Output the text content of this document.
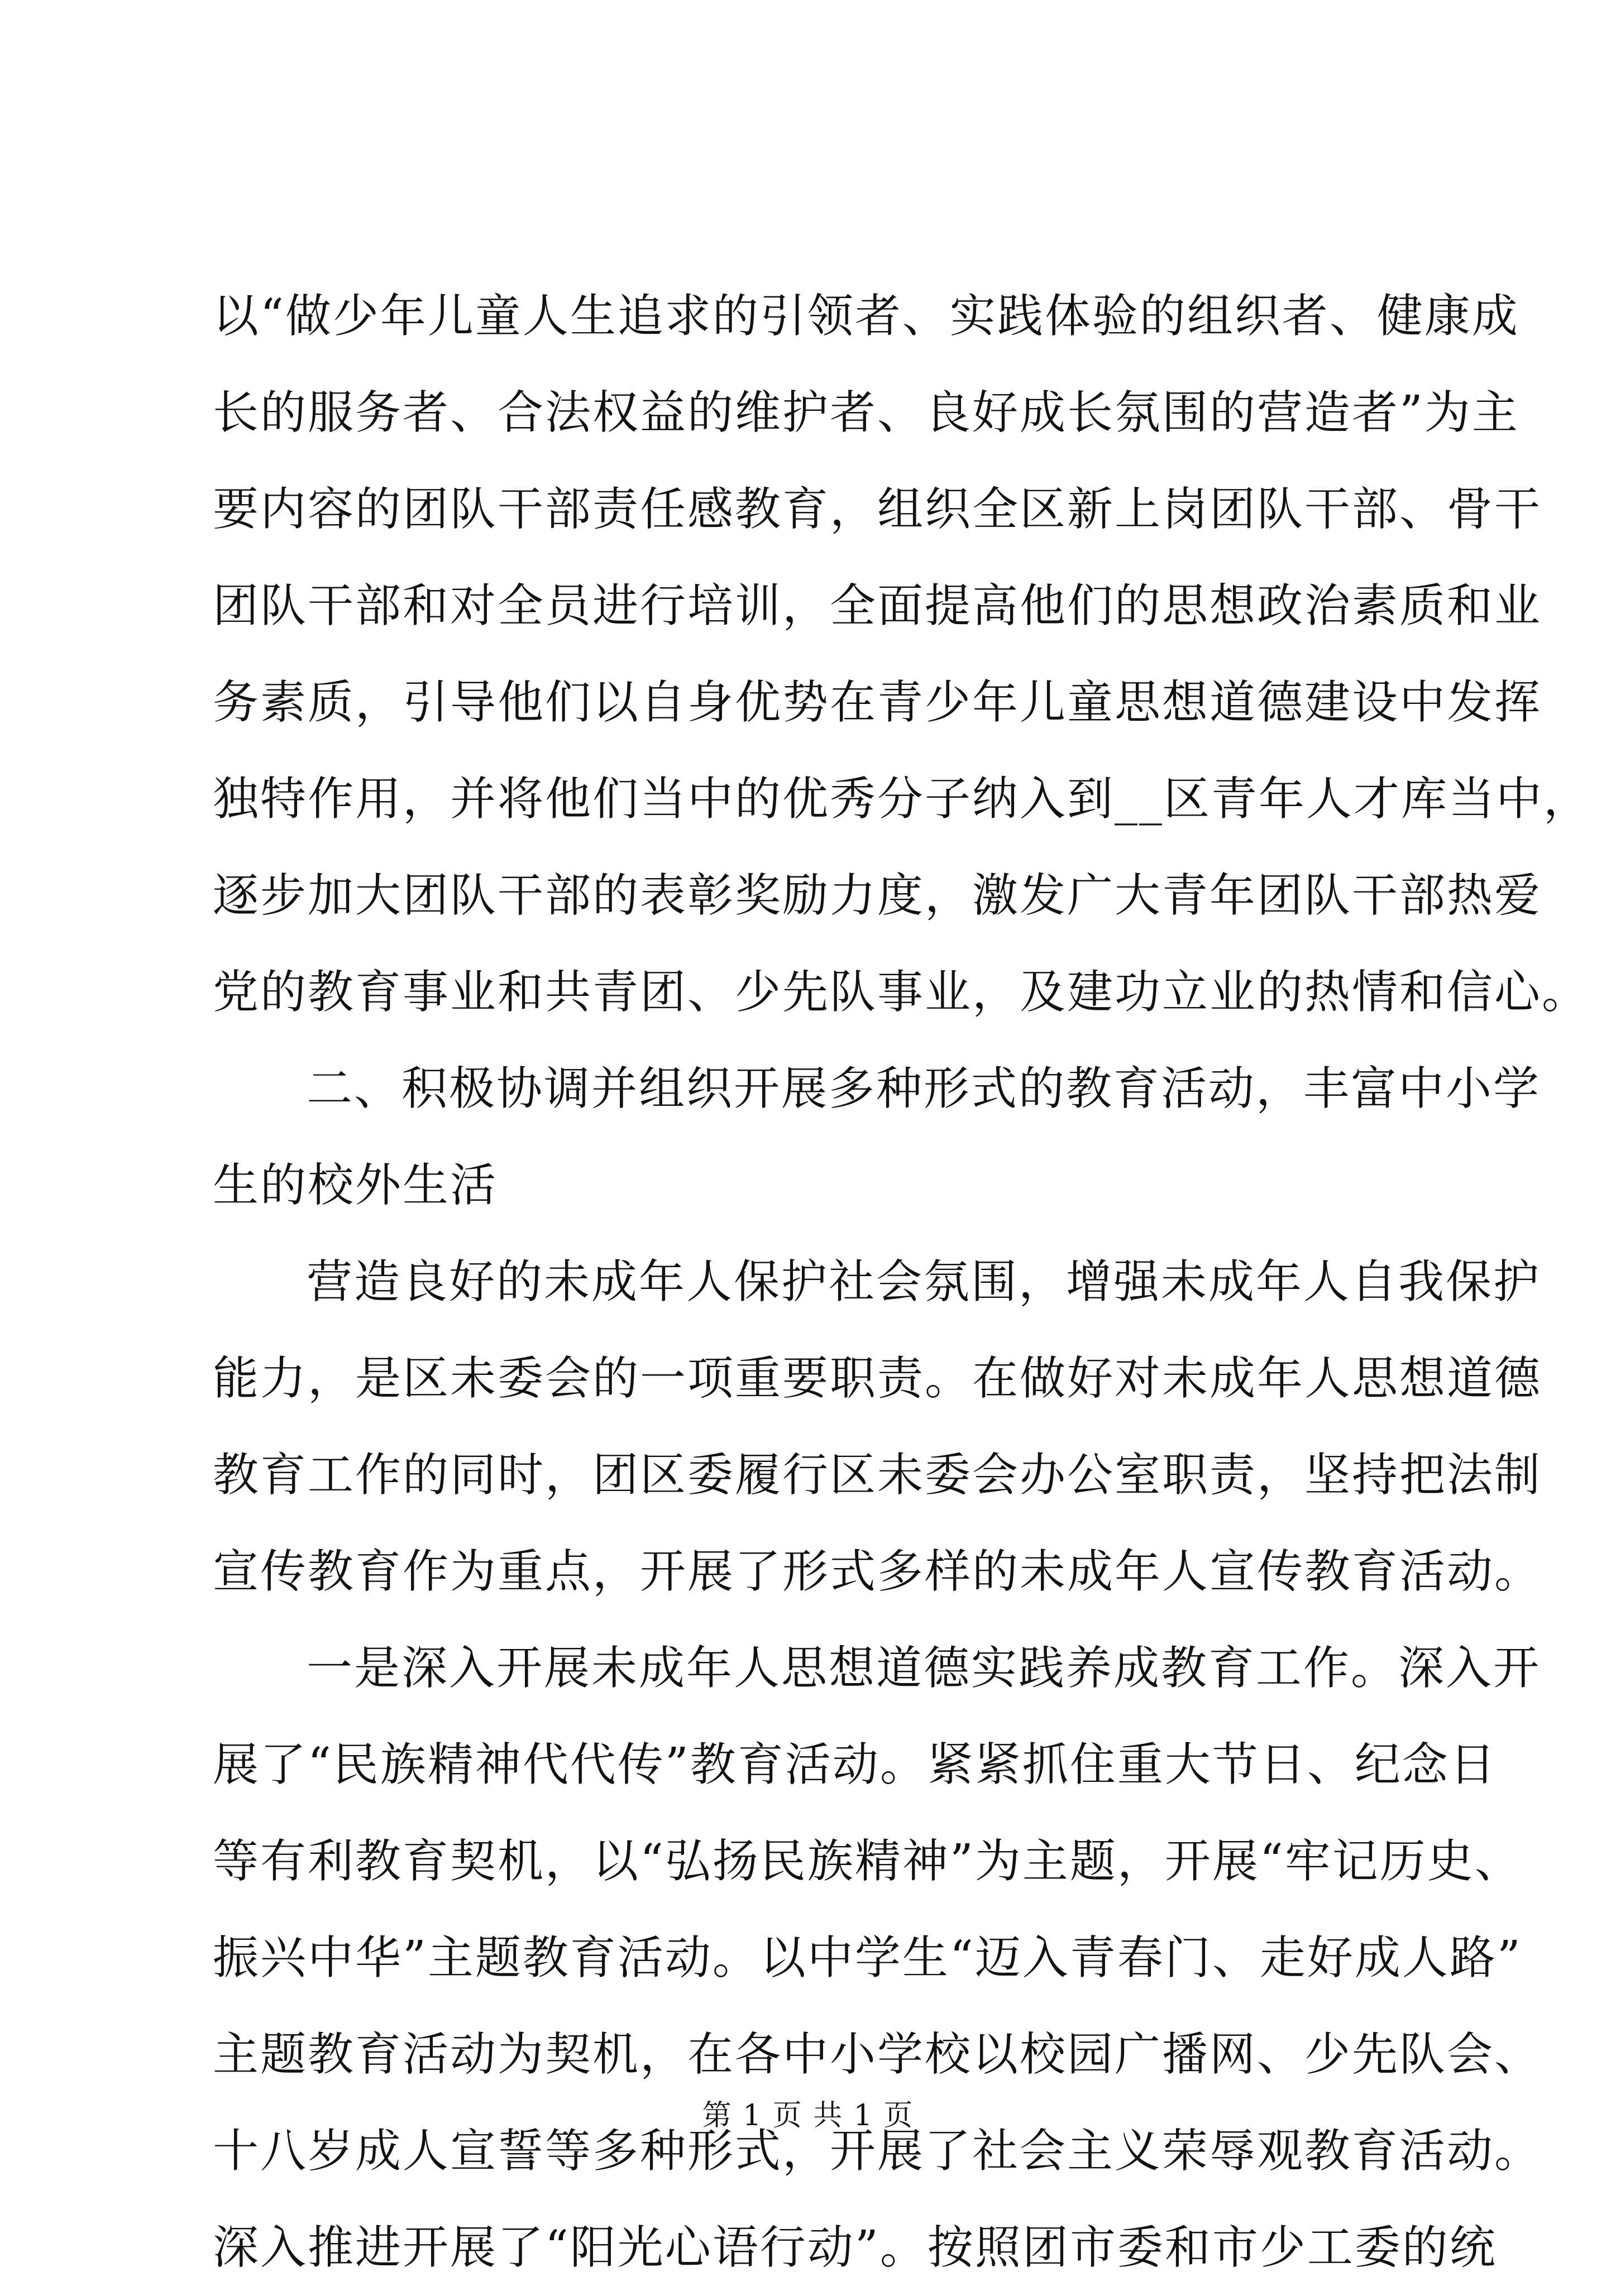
以“做少年儿童人生追求的引领者、实践体验的组织者、健康成
长的服务者、合法权益的维护者、良好成长氛围的营造者”为主
要内容的团队干部责任感教育，组织全区新上岗团队干部、骨干
团队干部和对全员进行培训，全面提高他们的思想政治素质和业
务素质，引导他们以自身优势在青少年儿童思想道德建设中发挥
独特作用，并将他们当中的优秀分子纳入到__区青年人才库当中，
逐步加大团队干部的表彰奖励力度，激发广大青年团队干部热爱
党的教育事业和共青团、少先队事业，及建功立业的热情和信心。
二、积极协调并组织开展多种形式的教育活动，丰富中小学
生的校外生活
营造良好的未成年人保护社会氛围，增强未成年人自我保护
能力，是区未委会的一项重要职责。在做好对未成年人思想道德
教育工作的同时，团区委履行区未委会办公室职责，坚持把法制
宣传教育作为重点，开展了形式多样的未成年人宣传教育活动。
一是深入开展未成年人思想道德实践养成教育工作。深入开
展了“民族精神代代传”教育活动。紧紧抓住重大节日、纪念日
等有利教育契机，以“弘扬民族精神”为主题，开展“牢记历史、
振兴中华”主题教育活动。以中学生“迈入青春门、走好成人路”
主题教育活动为契机，在各中小学校以校园广播网、少先队会、
十八岁成人宣誓等多种形式，开展了社会主义荣辱观教育活动。
深入推进开展了“阳光心语行动”。按照团市委和市少工委的统
第 1 页 共 1 页
